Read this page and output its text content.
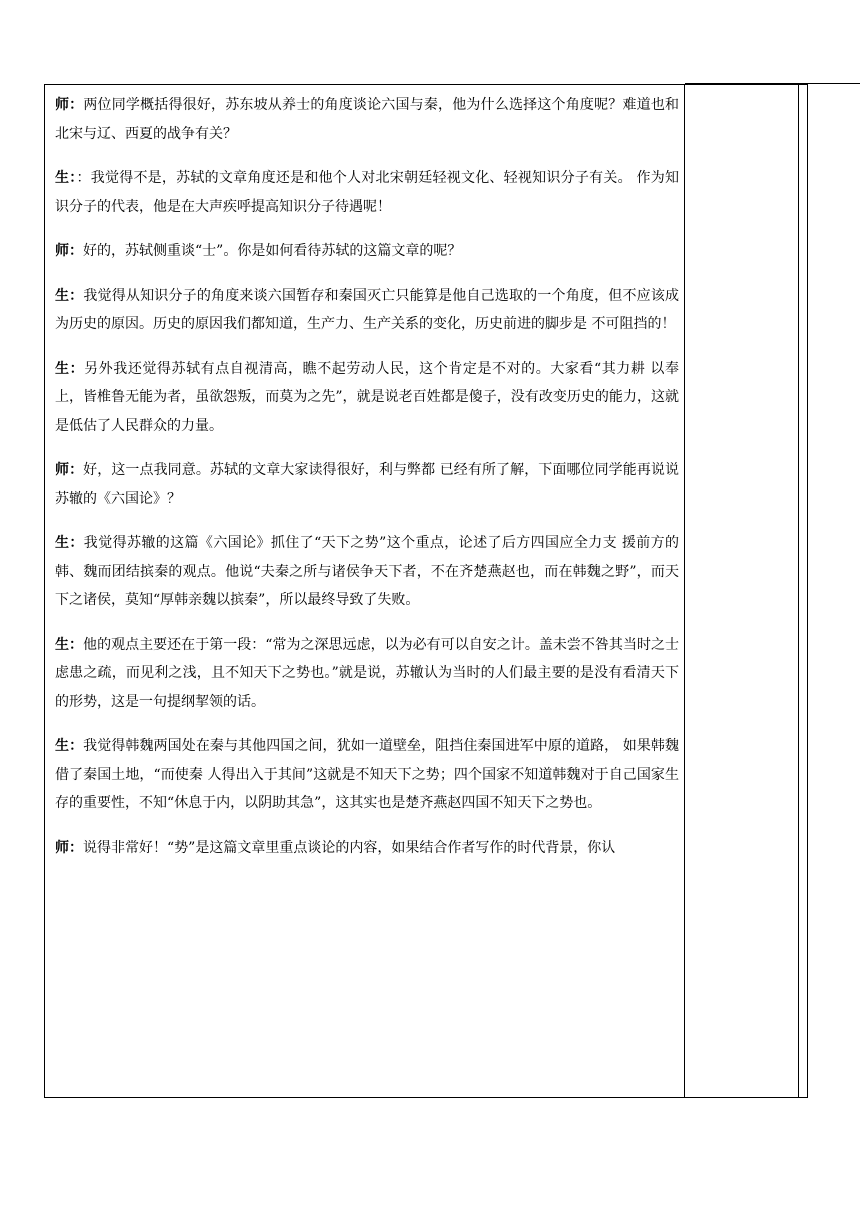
师：两位同学概括得很好，苏东坡从养士的角度谈论六国与秦，他为什么选择这个角度呢？难道也和北宋与辽、西夏的战争有关？

生：：我觉得不是，苏轼的文章角度还是和他个人对北宋朝廷轻视文化、轻视知识分子有关。 作为知识分子的代表，他是在大声疾呼提高知识分子待遇呢！

师：好的，苏轼侧重谈“士”。你是如何看待苏轼的这篇文章的呢？

生：我觉得从知识分子的角度来谈六国暂存和秦国灭亡只能算是他自己选取的一个角度，但不应该成为历史的原因。历史的原因我们都知道，生产力、生产关系的变化，历史前进的脚步是 不可阻挡的！

生：另外我还觉得苏轼有点自视清高，瞧不起劳动人民，这个肯定是不对的。大家看“其力耕 以奉上，皆椎鲁无能为者，虽欲怨叛，而莫为之先”，就是说老百姓都是傻子，没有改变历史的能力，这就是低估了人民群众的力量。

师：好，这一点我同意。苏轼的文章大家读得很好，利与弊都 已经有所了解，下面哪位同学能再说说苏辙的《六国论》？

生：我觉得苏辙的这篇《六国论》抓住了“天下之势”这个重点，论述了后方四国应全力支 援前方的韩、魏而团结摈秦的观点。他说“夫秦之所与诸侯争天下者，不在齐楚燕赵也，而在韩魏之野”，而天下之诸侯，莫知“厚韩亲魏以摈秦”，所以最终导致了失败。

生：他的观点主要还在于第一段：“常为之深思远虑，以为必有可以自安之计。盖未尝不咎其当时之士虑患之疏，而见利之浅，且不知天下之势也。”就是说，苏辙认为当时的人们最主要的是没有看清天下的形势，这是一句提纲挈领的话。

生：我觉得韩魏两国处在秦与其他四国之间，犹如一道壁垒，阻挡住秦国进军中原的道路， 如果韩魏借了秦国土地，“而使秦 人得出入于其间”这就是不知天下之势；四个国家不知道韩魏对于自己国家生存的重要性，不知“休息于内，以阴助其急”，这其实也是楚齐燕赵四国不知天下之势也。

师：说得非常好！“势”是这篇文章里重点谈论的内容，如果结合作者写作的时代背景，你认
